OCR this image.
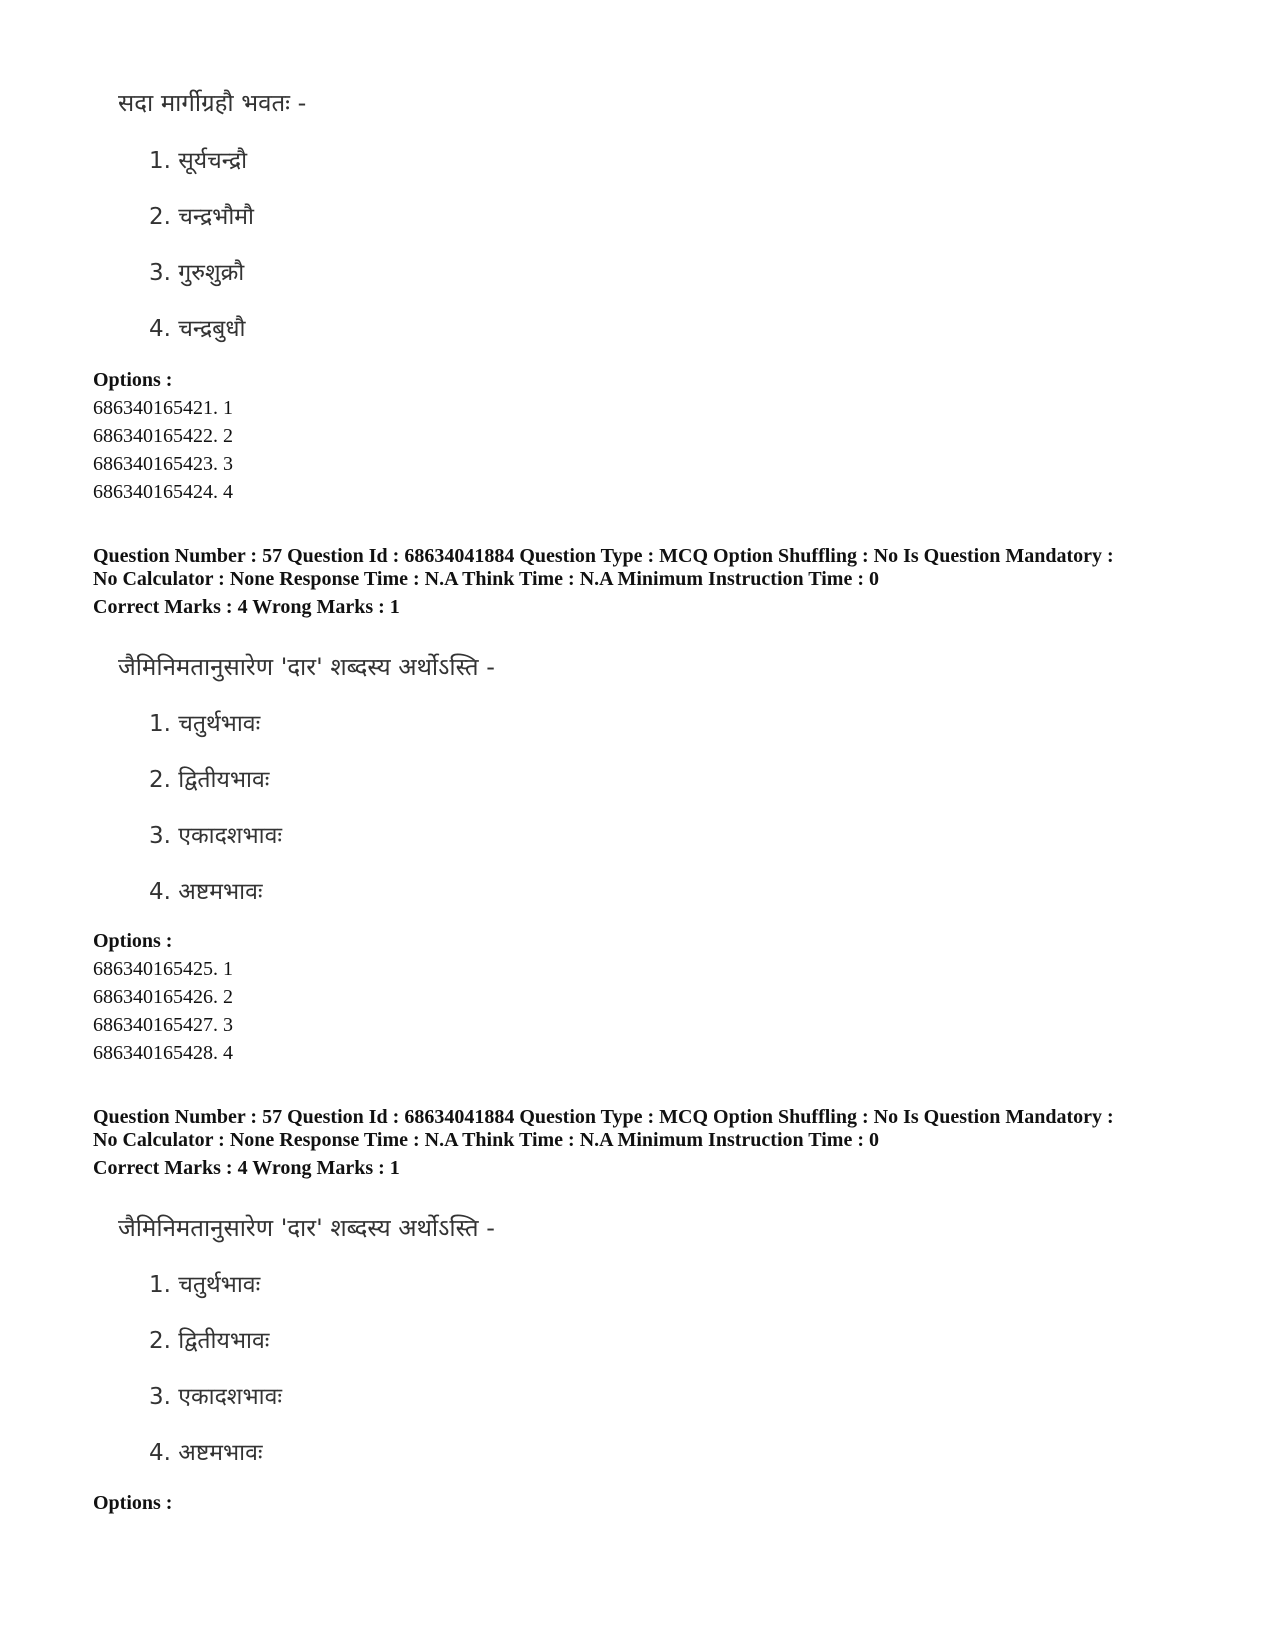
सदा मार्गीग्रहौ भवतः -
1. सूर्यचन्द्रौ
2. चन्द्रभौमौ
3. गुरुशुक्रौ
4. चन्द्रबुधौ
Options :
686340165421. 1
686340165422. 2
686340165423. 3
686340165424. 4
Question Number : 57 Question Id : 68634041884 Question Type : MCQ Option Shuffling : No Is Question Mandatory :
No Calculator : None Response Time : N.A Think Time : N.A Minimum Instruction Time : 0
Correct Marks : 4 Wrong Marks : 1
जैमिनिमतानुसारेण 'दार' शब्दस्य अर्थोऽस्ति -
1. चतुर्थभावः
2. द्वितीयभावः
3. एकादशभावः
4. अष्टमभावः
Options :
686340165425. 1
686340165426. 2
686340165427. 3
686340165428. 4
Question Number : 57 Question Id : 68634041884 Question Type : MCQ Option Shuffling : No Is Question Mandatory :
No Calculator : None Response Time : N.A Think Time : N.A Minimum Instruction Time : 0
Correct Marks : 4 Wrong Marks : 1
जैमिनिमतानुसारेण 'दार' शब्दस्य अर्थोऽस्ति -
1. चतुर्थभावः
2. द्वितीयभावः
3. एकादशभावः
4. अष्टमभावः
Options :
